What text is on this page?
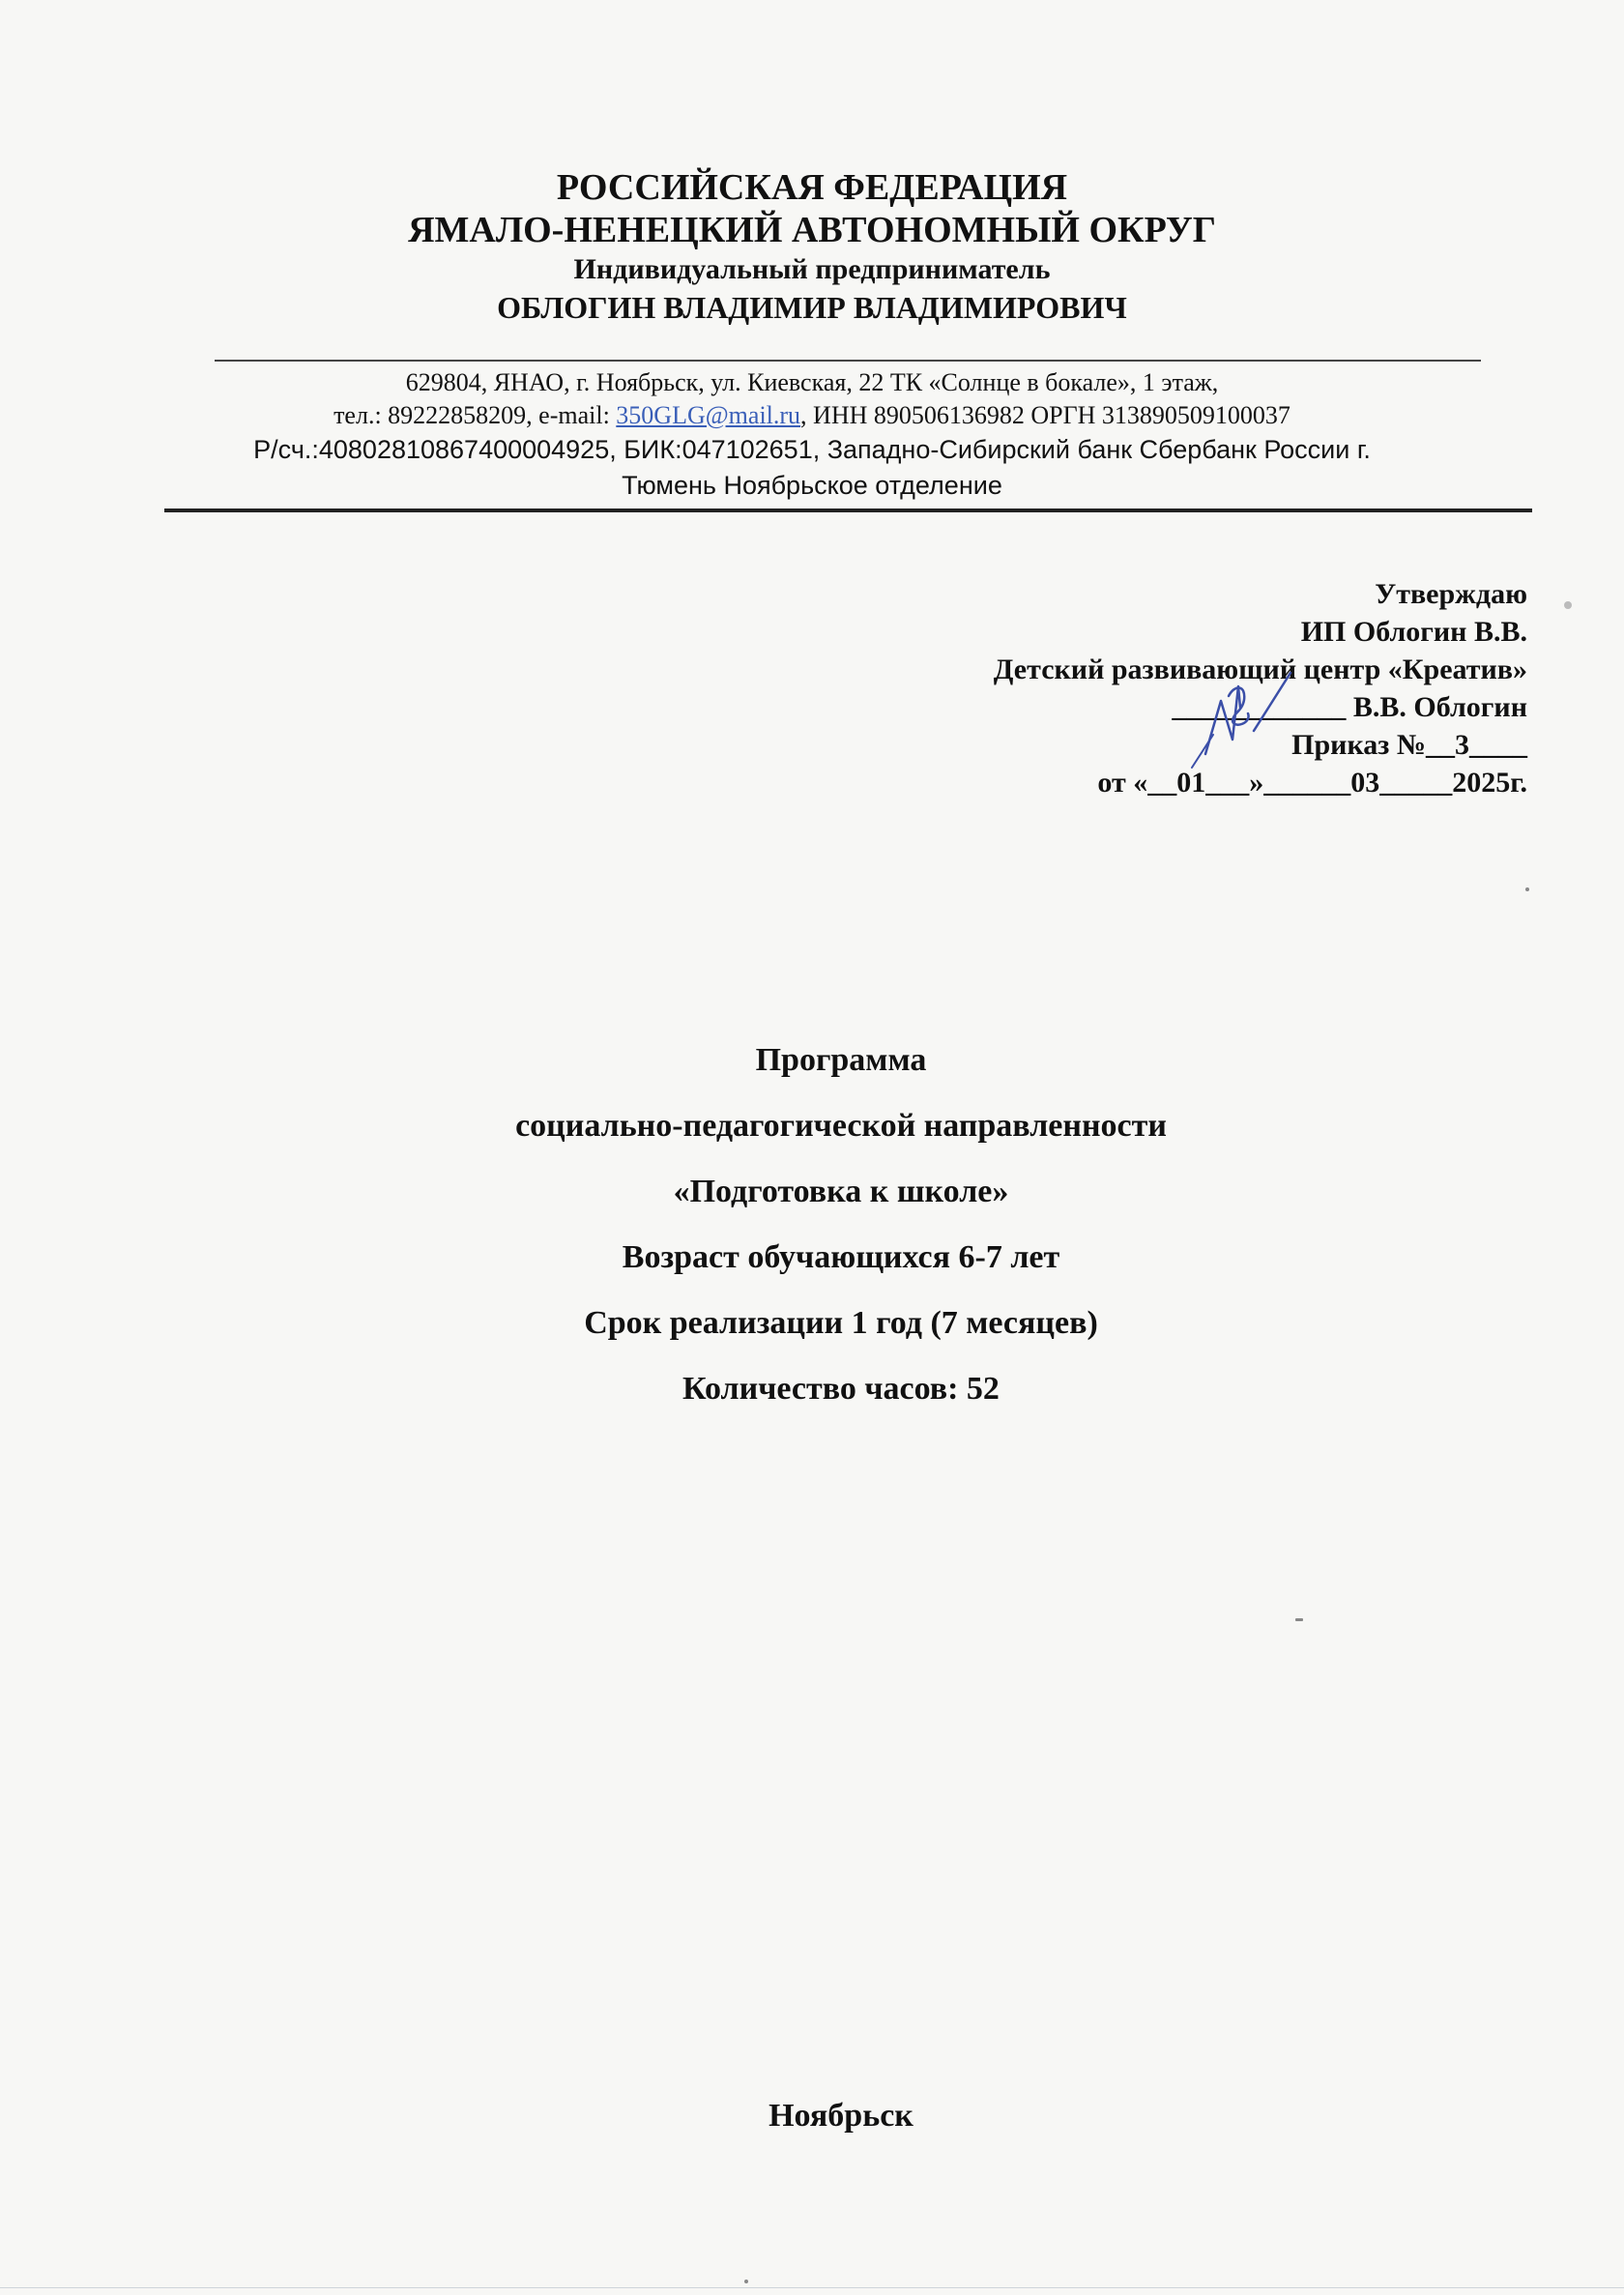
РОССИЙСКАЯ ФЕДЕРАЦИЯ
ЯМАЛО-НЕНЕЦКИЙ АВТОНОМНЫЙ ОКРУГ
Индивидуальный предприниматель
ОБЛОГИН ВЛАДИМИР ВЛАДИМИРОВИЧ
629804, ЯНАО, г. Ноябрьск, ул. Киевская, 22 ТК «Солнце в бокале», 1 этаж,
тел.: 89222858209, e-mail: 350GLG@mail.ru, ИНН 890506136982 ОРГН 313890509100037
Р/сч.:40802810867400004925, БИК:047102651, Западно-Сибирский банк Сбербанк России г.
Тюмень Ноябрьское отделение
Утверждаю
ИП Облогин В.В.
Детский развивающий центр «Креатив»
____________ В.В. Облогин
Приказ №__3____
от «__01___»______03_____2025г.
Программа
социально-педагогической направленности
«Подготовка к школе»
Возраст обучающихся 6-7 лет
Срок реализации 1 год (7 месяцев)
Количество часов: 52
Ноябрьск
